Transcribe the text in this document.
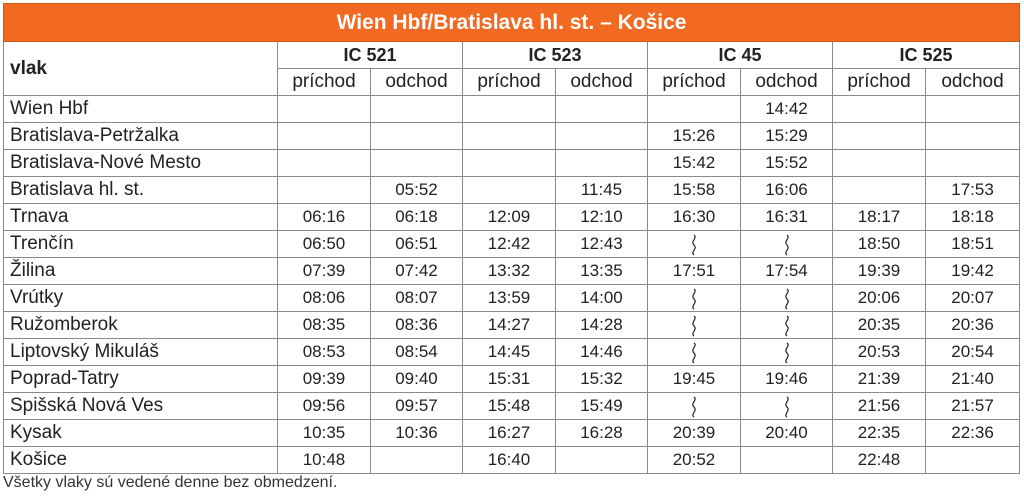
Wien Hbf/Bratislava hl. st. – Košice								
vlak	IC 521		IC 523		IC 45		IC 525	
	príchod	odchod	príchod	odchod	príchod	odchod	príchod	odchod
Wien Hbf						14:42		
Bratislava-Petržalka					15:26	15:29		
Bratislava-Nové Mesto					15:42	15:52		
Bratislava hl. st.		05:52		11:45	15:58	16:06		17:53
Trnava	06:16	06:18	12:09	12:10	16:30	16:31	18:17	18:18
Trenčín	06:50	06:51	12:42	12:43			18:50	18:51
Žilina	07:39	07:42	13:32	13:35	17:51	17:54	19:39	19:42
Vrútky	08:06	08:07	13:59	14:00			20:06	20:07
Ružomberok	08:35	08:36	14:27	14:28			20:35	20:36
Liptovský Mikuláš	08:53	08:54	14:45	14:46			20:53	20:54
Poprad-Tatry	09:39	09:40	15:31	15:32	19:45	19:46	21:39	21:40
Spišská Nová Ves	09:56	09:57	15:48	15:49			21:56	21:57
Kysak	10:35	10:36	16:27	16:28	20:39	20:40	22:35	22:36
Košice	10:48		16:40		20:52		22:48	
Všetky vlaky sú vedené denne bez obmedzení.
